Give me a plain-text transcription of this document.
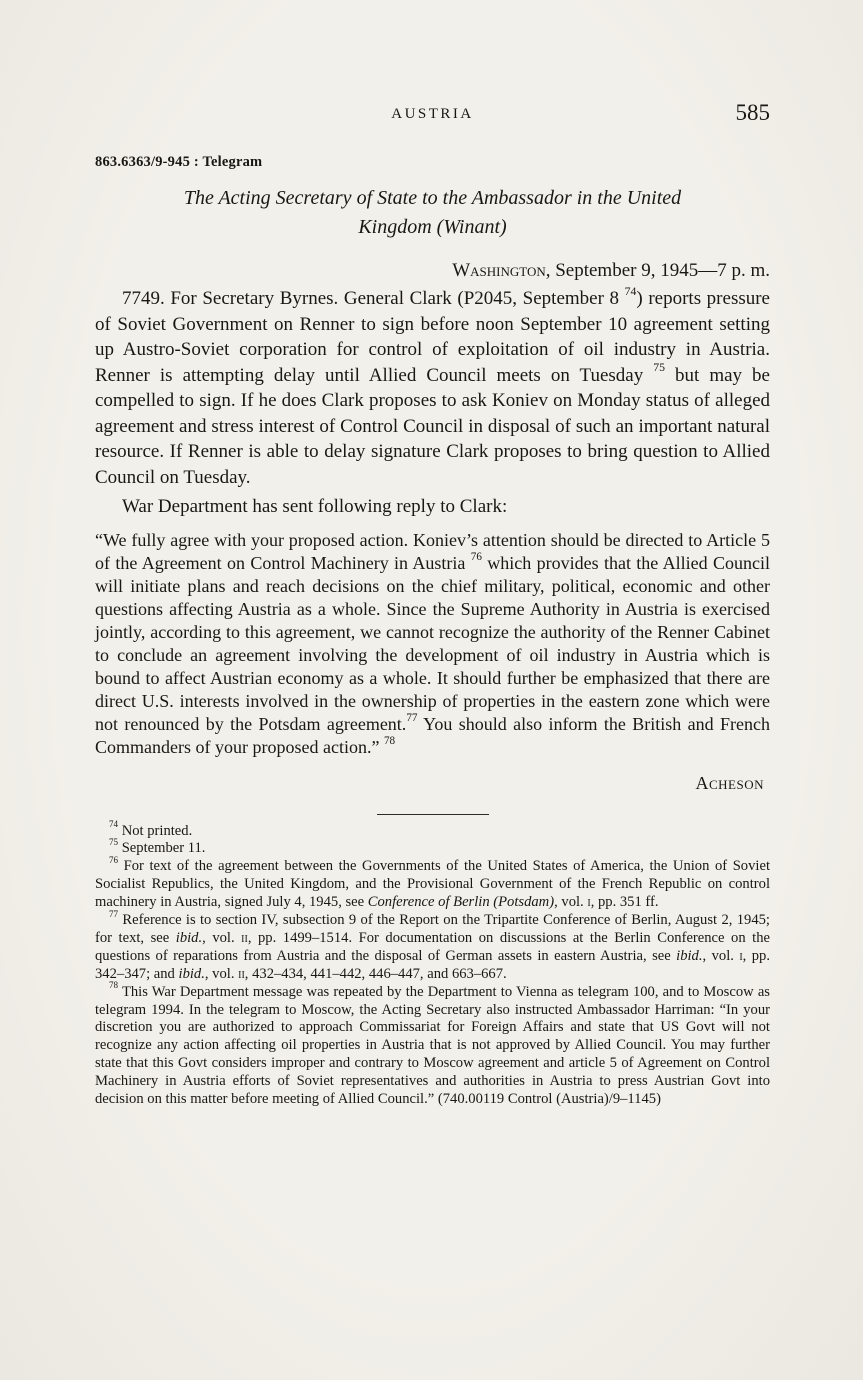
AUSTRIA	585
863.6363/9-945 : Telegram
The Acting Secretary of State to the Ambassador in the United
Kingdom (Winant)
Washington, September 9, 1945—7 p. m.

7749. For Secretary Byrnes. General Clark (P2045, September 8 $^{74}$) reports pressure of Soviet Government on Renner to sign before noon September 10 agreement setting up Austro-Soviet corporation for control of exploitation of oil industry in Austria. Renner is attempting delay until Allied Council meets on Tuesday $^{75}$ but may be compelled to sign. If he does Clark proposes to ask Koniev on Monday status of alleged agreement and stress interest of Control Council in disposal of such an important natural resource. If Renner is able to delay signature Clark proposes to bring question to Allied Council on Tuesday.

War Department has sent following reply to Clark:

“We fully agree with your proposed action. Koniev’s attention should be directed to Article 5 of the Agreement on Control Machinery in Austria $^{76}$ which provides that the Allied Council will initiate plans and reach decisions on the chief military, political, economic and other questions affecting Austria as a whole. Since the Supreme Authority in Austria is exercised jointly, according to this agreement, we cannot recognize the authority of the Renner Cabinet to conclude an agreement involving the development of oil industry in Austria which is bound to affect Austrian economy as a whole. It should further be emphasized that there are direct U.S. interests involved in the ownership of properties in the eastern zone which were not renounced by the Potsdam agreement.$^{77}$ You should also inform the British and French Commanders of your proposed action.” $^{78}$

Acheson

$^{74}$ Not printed.

$^{75}$ September 11.

$^{76}$ For text of the agreement between the Governments of the United States of America, the Union of Soviet Socialist Republics, the United Kingdom, and the Provisional Government of the French Republic on control machinery in Austria, signed July 4, 1945, see Conference of Berlin (Potsdam), vol. i, pp. 351 ff.

$^{77}$ Reference is to section IV, subsection 9 of the Report on the Tripartite Conference of Berlin, August 2, 1945; for text, see ibid., vol. ii, pp. 1499–1514. For documentation on discussions at the Berlin Conference on the questions of reparations from Austria and the disposal of German assets in eastern Austria, see ibid., vol. i, pp. 342–347; and ibid., vol. ii, 432–434, 441–442, 446–447, and 663–667.

$^{78}$ This War Department message was repeated by the Department to Vienna as telegram 100, and to Moscow as telegram 1994. In the telegram to Moscow, the Acting Secretary also instructed Ambassador Harriman: “In your discretion you are authorized to approach Commissariat for Foreign Affairs and state that US Govt will not recognize any action affecting oil properties in Austria that is not approved by Allied Council. You may further state that this Govt considers improper and contrary to Moscow agreement and article 5 of Agreement on Control Machinery in Austria efforts of Soviet representatives and authorities in Austria to press Austrian Govt into decision on this matter before meeting of Allied Council.” (740.00119 Control (Austria)/9–1145)
